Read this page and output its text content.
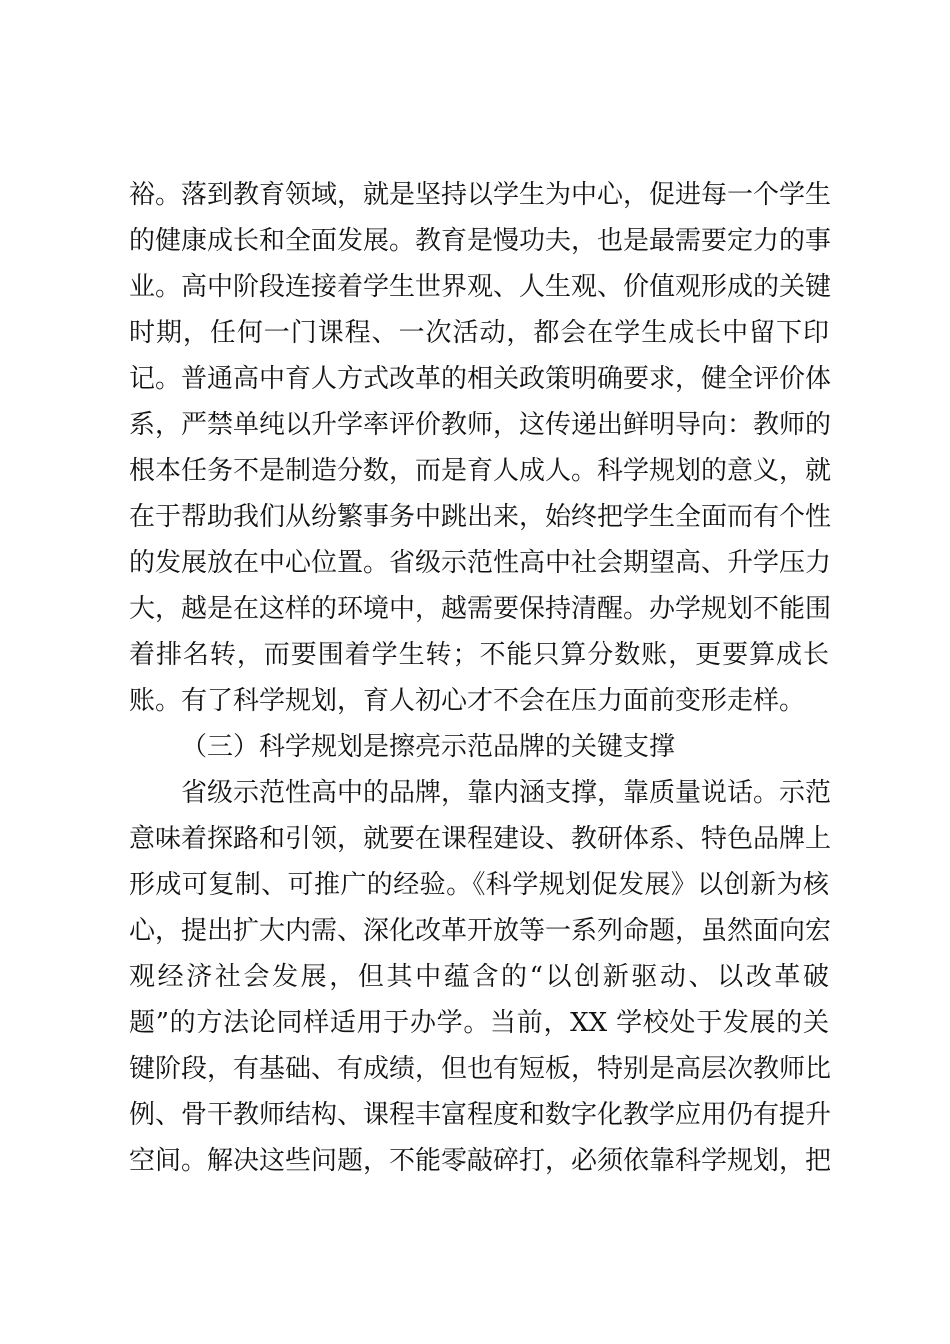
裕。落到教育领域，就是坚持以学生为中心，促进每一个学生
的健康成长和全面发展。教育是慢功夫，也是最需要定力的事
业。高中阶段连接着学生世界观、人生观、价值观形成的关键
时期，任何一门课程、一次活动，都会在学生成长中留下印
记。普通高中育人方式改革的相关政策明确要求，健全评价体
系，严禁单纯以升学率评价教师，这传递出鲜明导向：教师的
根本任务不是制造分数，而是育人成人。科学规划的意义，就
在于帮助我们从纷繁事务中跳出来，始终把学生全面而有个性
的发展放在中心位置。省级示范性高中社会期望高、升学压力
大，越是在这样的环境中，越需要保持清醒。办学规划不能围
着排名转，而要围着学生转；不能只算分数账，更要算成长
账。有了科学规划，育人初心才不会在压力面前变形走样。
（三）科学规划是擦亮示范品牌的关键支撑
省级示范性高中的品牌，靠内涵支撑，靠质量说话。示范
意味着探路和引领，就要在课程建设、教研体系、特色品牌上
形成可复制、可推广的经验。《科学规划促发展》以创新为核
心，提出扩大内需、深化改革开放等一系列命题，虽然面向宏
观经济社会发展，但其中蕴含的“以创新驱动、以改革破
题”的方法论同样适用于办学。当前，XX 学校处于发展的关
键阶段，有基础、有成绩，但也有短板，特别是高层次教师比
例、骨干教师结构、课程丰富程度和数字化教学应用仍有提升
空间。解决这些问题，不能零敲碎打，必须依靠科学规划，把
